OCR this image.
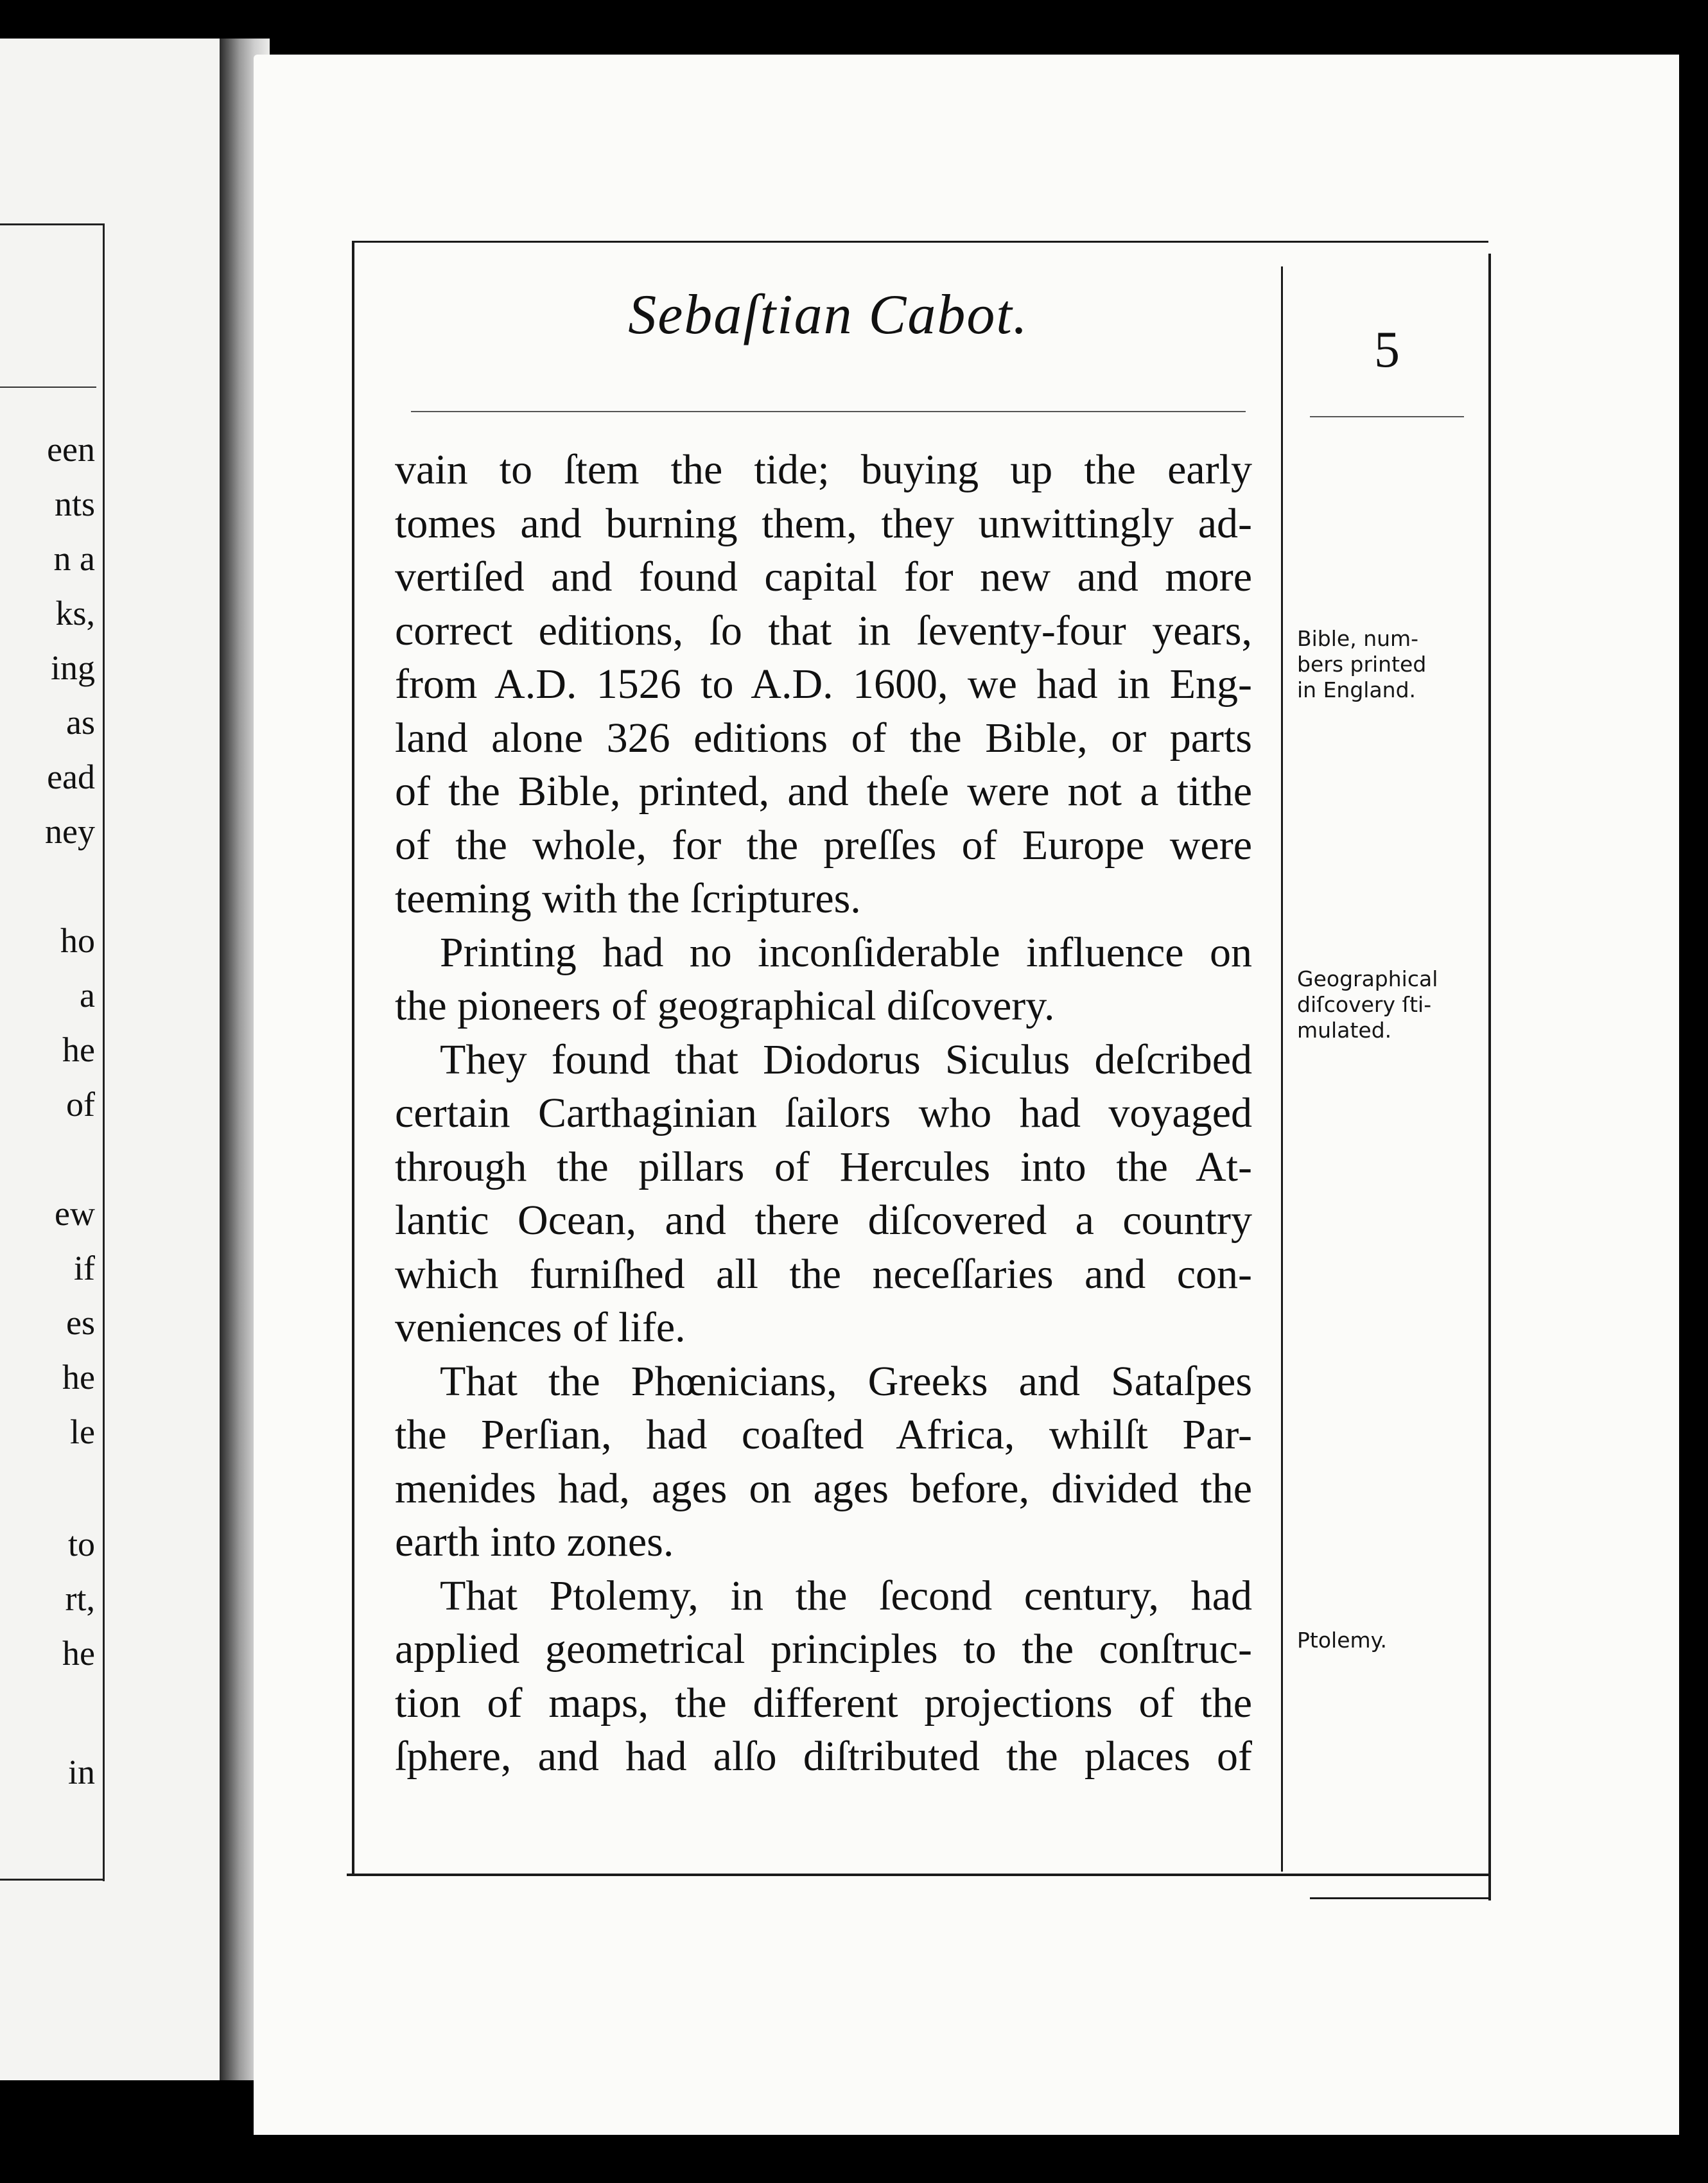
een
nts
n a
ks,
ing
as
ead
ney
ho
a
he
of
ew
if
es
he
le
to
rt,
he
in
Sebaſtian Cabot.
5
vain to ſtem the tide; buying up the early
tomes and burning them, they unwittingly ad-
vertiſed and found capital for new and more
correct editions, ſo that in ſeventy-four years,
from A.D. 1526 to A.D. 1600, we had in Eng-
land alone 326 editions of the Bible, or parts
of the Bible, printed, and theſe were not a tithe
of the whole, for the preſſes of Europe were
teeming with the ſcriptures.
Printing had no inconſiderable influence on
the pioneers of geographical diſcovery.
They found that Diodorus Siculus deſcribed
certain Carthaginian ſailors who had voyaged
through the pillars of Hercules into the At-
lantic Ocean, and there diſcovered a country
which furniſhed all the neceſſaries and con-
veniences of life.
That the Phœnicians, Greeks and Sataſpes
the Perſian, had coaſted Africa, whilſt Par-
menides had, ages on ages before, divided the
earth into zones.
That Ptolemy, in the ſecond century, had
applied geometrical principles to the conſtruc-
tion of maps, the different projections of the
ſphere, and had alſo diſtributed the places of
Bible, num-
bers printed
in England.
Geographical
diſcovery ſti-
mulated.
Ptolemy.
